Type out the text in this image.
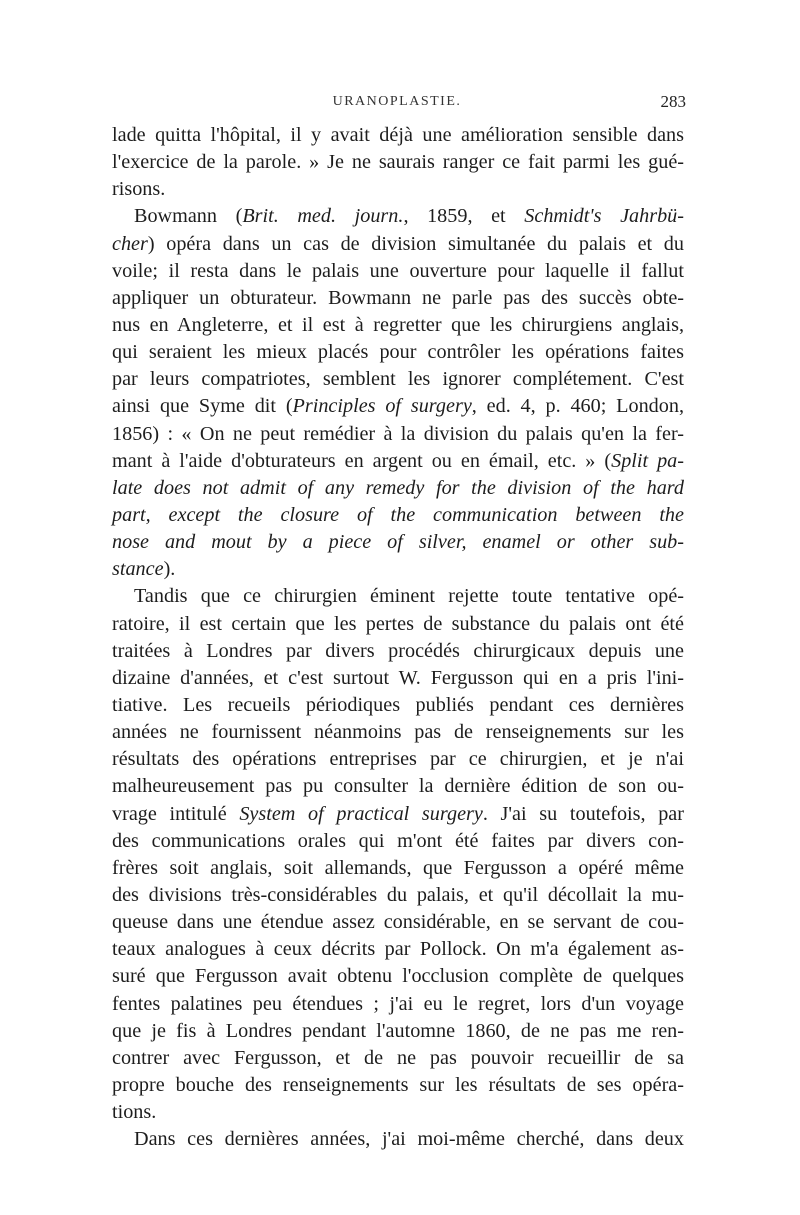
URANOPLASTIE.	283
lade quitta l'hôpital, il y avait déjà une amélioration sensible dans
l'exercice de la parole. » Je ne saurais ranger ce fait parmi les gué-
risons.
Bowmann (Brit. med. journ., 1859, et Schmidt's Jahrbü-
cher) opéra dans un cas de division simultanée du palais et du
voile; il resta dans le palais une ouverture pour laquelle il fallut
appliquer un obturateur. Bowmann ne parle pas des succès obte-
nus en Angleterre, et il est à regretter que les chirurgiens anglais,
qui seraient les mieux placés pour contrôler les opérations faites
par leurs compatriotes, semblent les ignorer complétement. C'est
ainsi que Syme dit (Principles of surgery, ed. 4, p. 460; London,
1856) : « On ne peut remédier à la division du palais qu'en la fer-
mant à l'aide d'obturateurs en argent ou en émail, etc. » (Split pa-
late does not admit of any remedy for the division of the hard
part, except the closure of the communication between the
nose and mout by a piece of silver, enamel or other sub-
stance).
Tandis que ce chirurgien éminent rejette toute tentative opé-
ratoire, il est certain que les pertes de substance du palais ont été
traitées à Londres par divers procédés chirurgicaux depuis une
dizaine d'années, et c'est surtout W. Fergusson qui en a pris l'ini-
tiative. Les recueils périodiques publiés pendant ces dernières
années ne fournissent néanmoins pas de renseignements sur les
résultats des opérations entreprises par ce chirurgien, et je n'ai
malheureusement pas pu consulter la dernière édition de son ou-
vrage intitulé System of practical surgery. J'ai su toutefois, par
des communications orales qui m'ont été faites par divers con-
frères soit anglais, soit allemands, que Fergusson a opéré même
des divisions très-considérables du palais, et qu'il décollait la mu-
queuse dans une étendue assez considérable, en se servant de cou-
teaux analogues à ceux décrits par Pollock. On m'a également as-
suré que Fergusson avait obtenu l'occlusion complète de quelques
fentes palatines peu étendues ; j'ai eu le regret, lors d'un voyage
que je fis à Londres pendant l'automne 1860, de ne pas me ren-
contrer avec Fergusson, et de ne pas pouvoir recueillir de sa
propre bouche des renseignements sur les résultats de ses opéra-
tions.
Dans ces dernières années, j'ai moi-même cherché, dans deux
